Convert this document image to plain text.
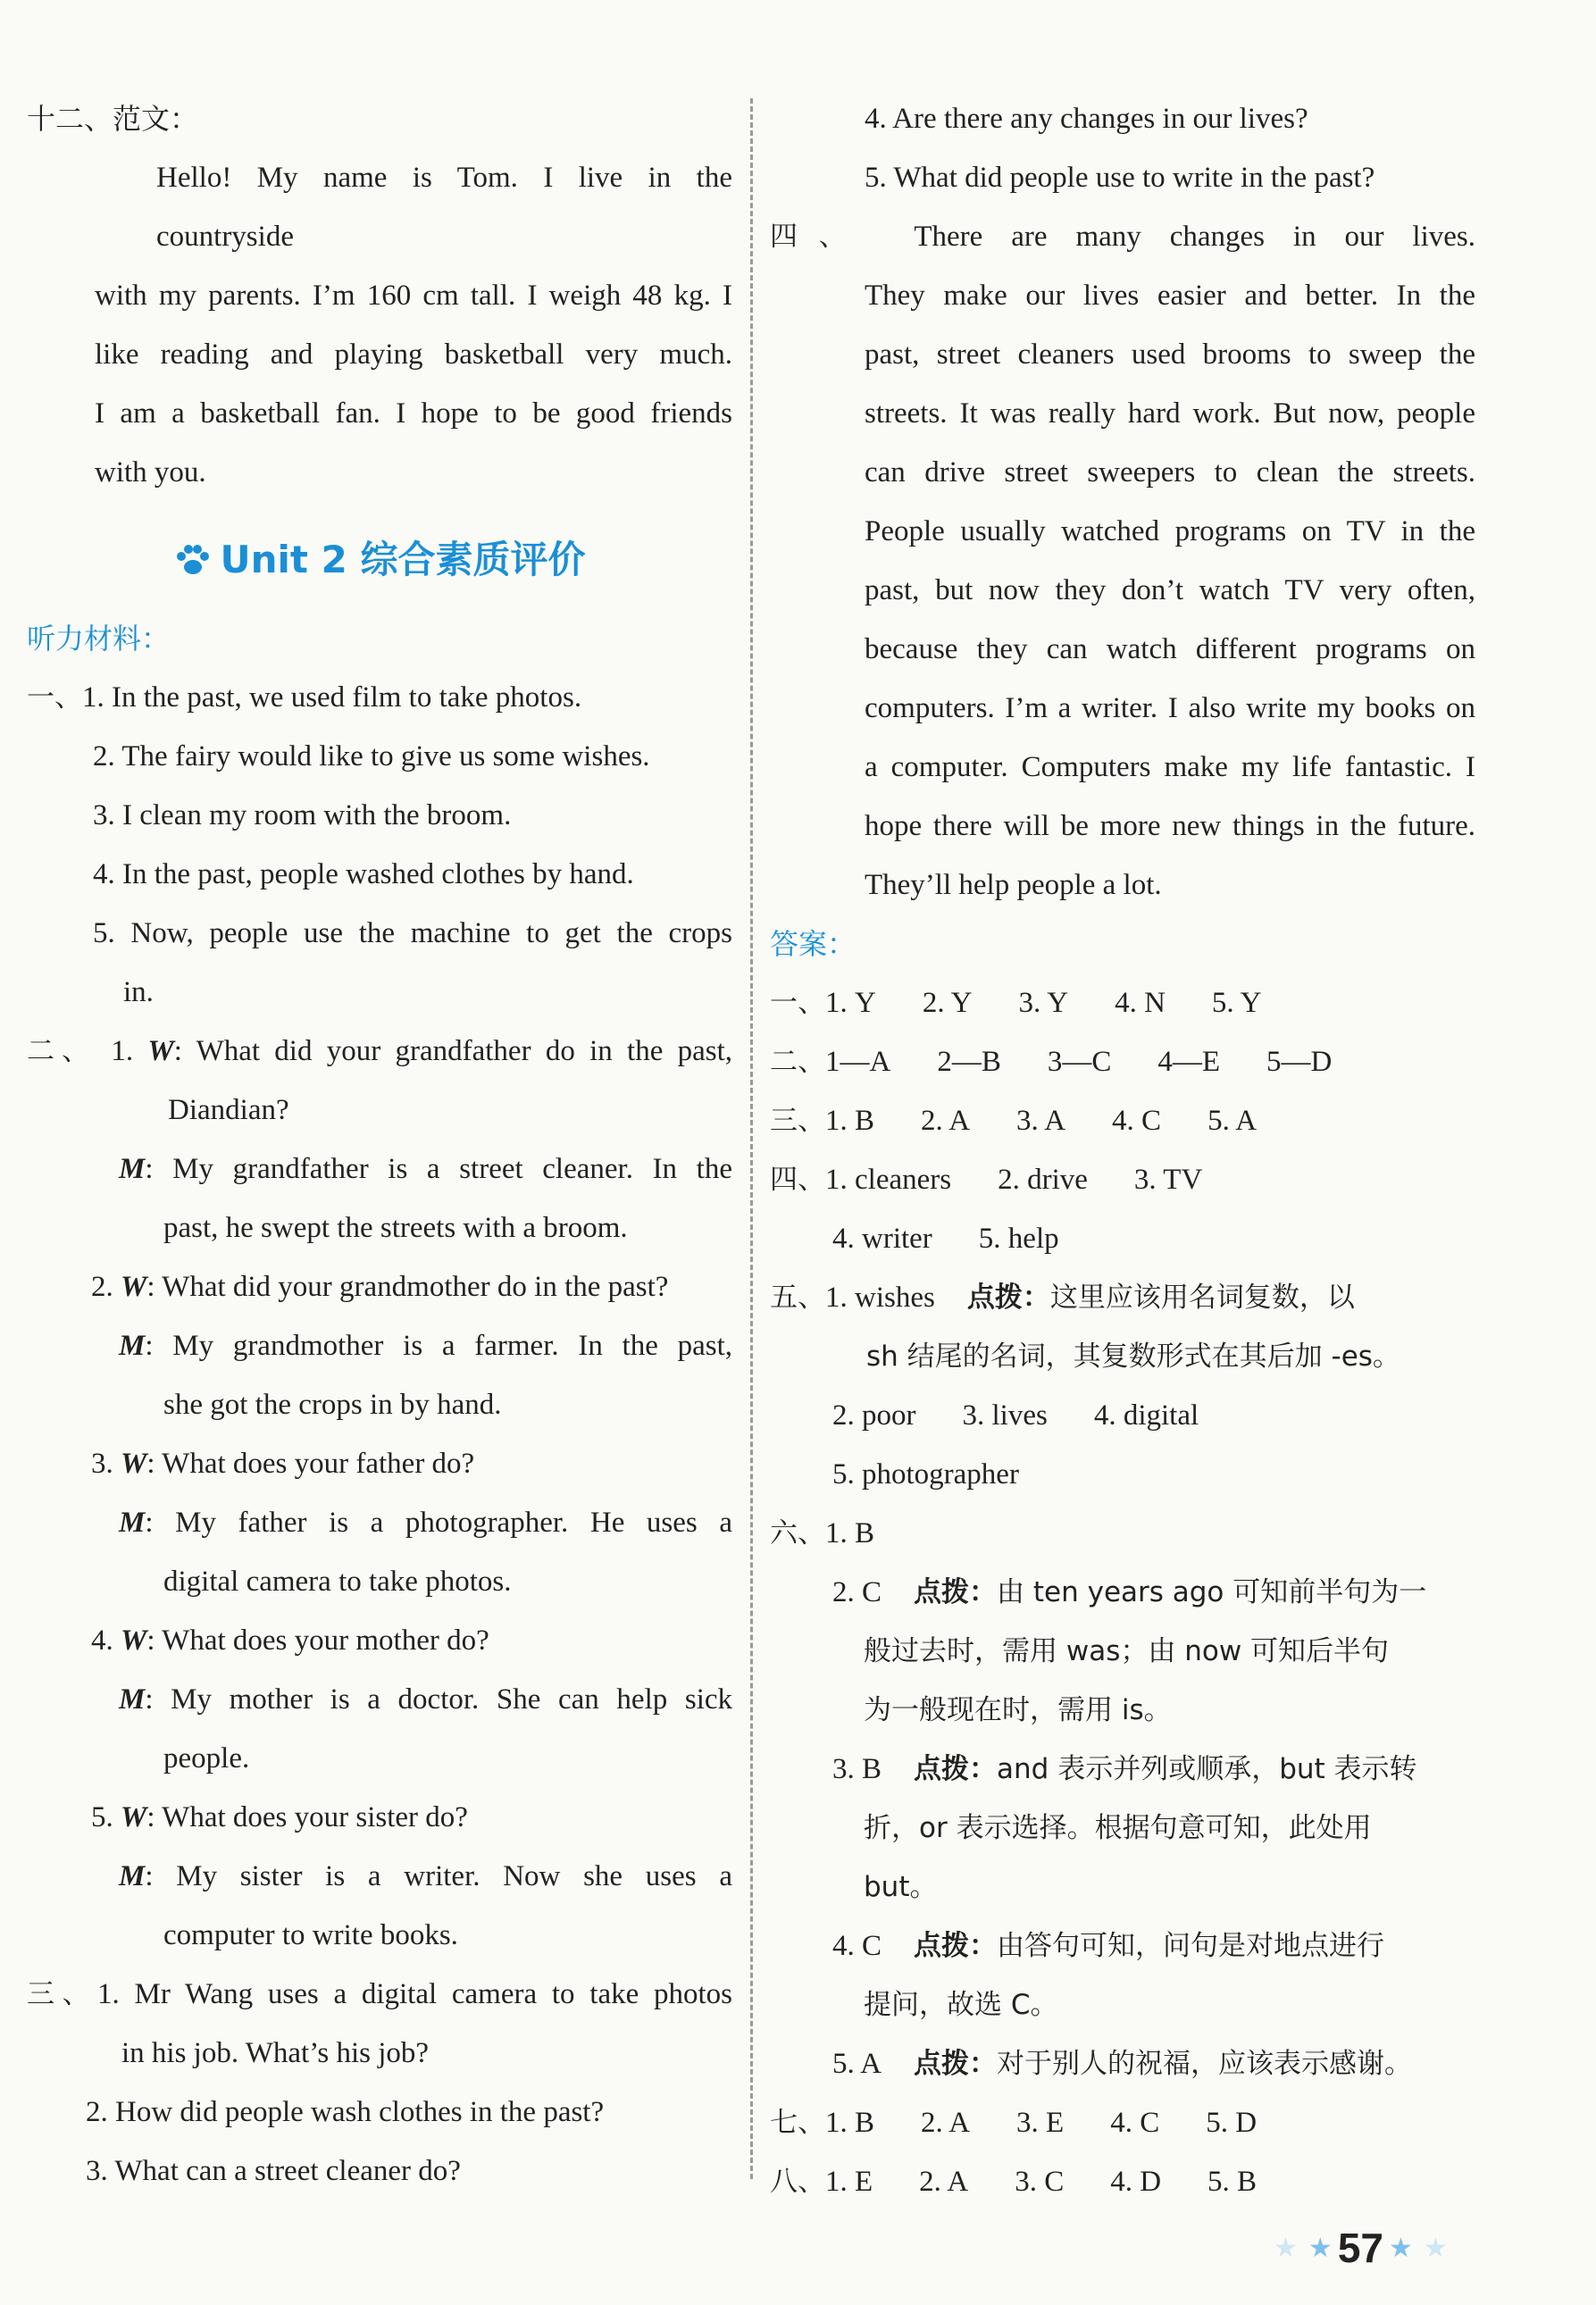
十二、范文：
Hello! My name is Tom. I live in the countryside
with my parents. I’m 160 cm tall. I weigh 48 kg. I
like reading and playing basketball very much.
I am a basketball fan. I hope to be good friends
with you.
Unit 2 综合素质评价
听力材料：
一、1. In the past, we used film to take photos.
2. The fairy would like to give us some wishes.
3. I clean my room with the broom.
4. In the past, people washed clothes by hand.
5. Now, people use the machine to get the crops
in.
二、 1. W: What did your grandfather do in the past,
Diandian?
M: My grandfather is a street cleaner. In the
past, he swept the streets with a broom.
2. W: What did your grandmother do in the past?
M: My grandmother is a farmer. In the past,
she got the crops in by hand.
3. W: What does your father do?
M: My father is a photographer. He uses a
digital camera to take photos.
4. W: What does your mother do?
M: My mother is a doctor. She can help sick
people.
5. W: What does your sister do?
M: My sister is a writer. Now she uses a
computer to write books.
三、1. Mr Wang uses a digital camera to take photos
in his job. What’s his job?
2. How did people wash clothes in the past?
3. What can a street cleaner do?
4. Are there any changes in our lives?
5. What did people use to write in the past?
四、 There are many changes in our lives.
They make our lives easier and better. In the
past, street cleaners used brooms to sweep the
streets. It was really hard work. But now, people
can drive street sweepers to clean the streets.
People usually watched programs on TV in the
past, but now they don’t watch TV very often,
because they can watch different programs on
computers. I’m a writer. I also write my books on
a computer. Computers make my life fantastic. I
hope there will be more new things in the future.
They’ll help people a lot.
答案：
一、1. Y 2. Y 3. Y 4. N 5. Y
二、1—A 2—B 3—C 4—E 5—D
三、1. B 2. A 3. A 4. C 5. A
四、1. cleaners 2. drive 3. TV
4. writer 5. help
五、1. wishes 点拨：这里应该用名词复数，以
sh 结尾的名词，其复数形式在其后加 -es。
2. poor 3. lives 4. digital
5. photographer
六、1. B
2. C 点拨：由 ten years ago 可知前半句为一
般过去时，需用 was；由 now 可知后半句
为一般现在时，需用 is。
3. B 点拨：and 表示并列或顺承，but 表示转
折，or 表示选择。根据句意可知，此处用
but。
4. C 点拨：由答句可知，问句是对地点进行
提问，故选 C。
5. A 点拨：对于别人的祝福，应该表示感谢。
七、1. B 2. A 3. E 4. C 5. D
八、1. E 2. A 3. C 4. D 5. B
★ ★ 57 ★ ★
